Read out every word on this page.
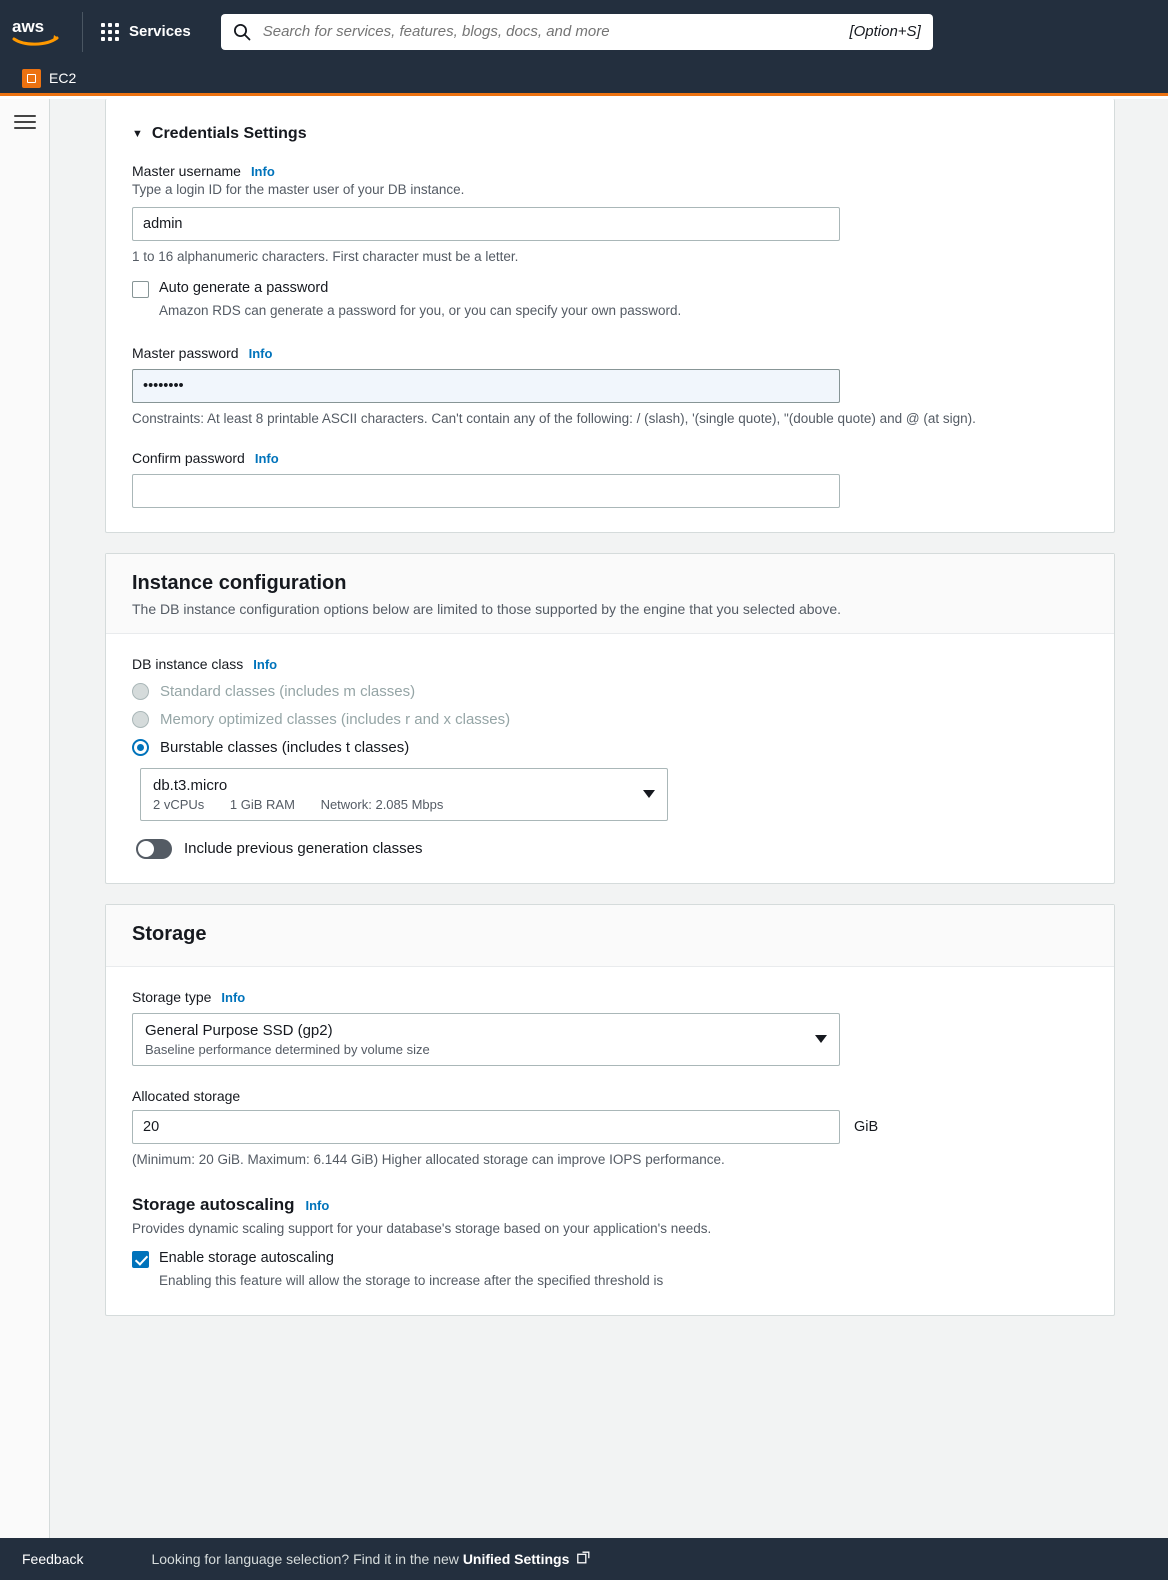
aws	Services
Search for services, features, blogs, docs, and more	[Option+S]
EC2
▼ Credentials Settings
Master username Info
Type a login ID for the master user of your DB instance.
admin
1 to 16 alphanumeric characters. First character must be a letter.
Auto generate a password
Amazon RDS can generate a password for you, or you can specify your own password.
Master password Info
••••••••
Constraints: At least 8 printable ASCII characters. Can't contain any of the following: / (slash), '(single quote), "(double quote) and @ (at sign).
Confirm password Info
Instance configuration

The DB instance configuration options below are limited to those supported by the engine that you selected above.

DB instance class Info
Standard classes (includes m classes)
Memory optimized classes (includes r and x classes)
Burstable classes (includes t classes)
db.t3.micro
2 vCPUs 1 GiB RAM Network: 2.085 Mbps
Include previous generation classes
Storage
Storage type Info
General Purpose SSD (gp2)
Baseline performance determined by volume size
Allocated storage
20
GiB
(Minimum: 20 GiB. Maximum: 6.144 GiB) Higher allocated storage can improve IOPS performance.
Storage autoscaling Info
Provides dynamic scaling support for your database's storage based on your application's needs.
Enable storage autoscaling
Enabling this feature will allow the storage to increase after the specified threshold is
Feedback	Looking for language selection? Find it in the new Unified Settings
